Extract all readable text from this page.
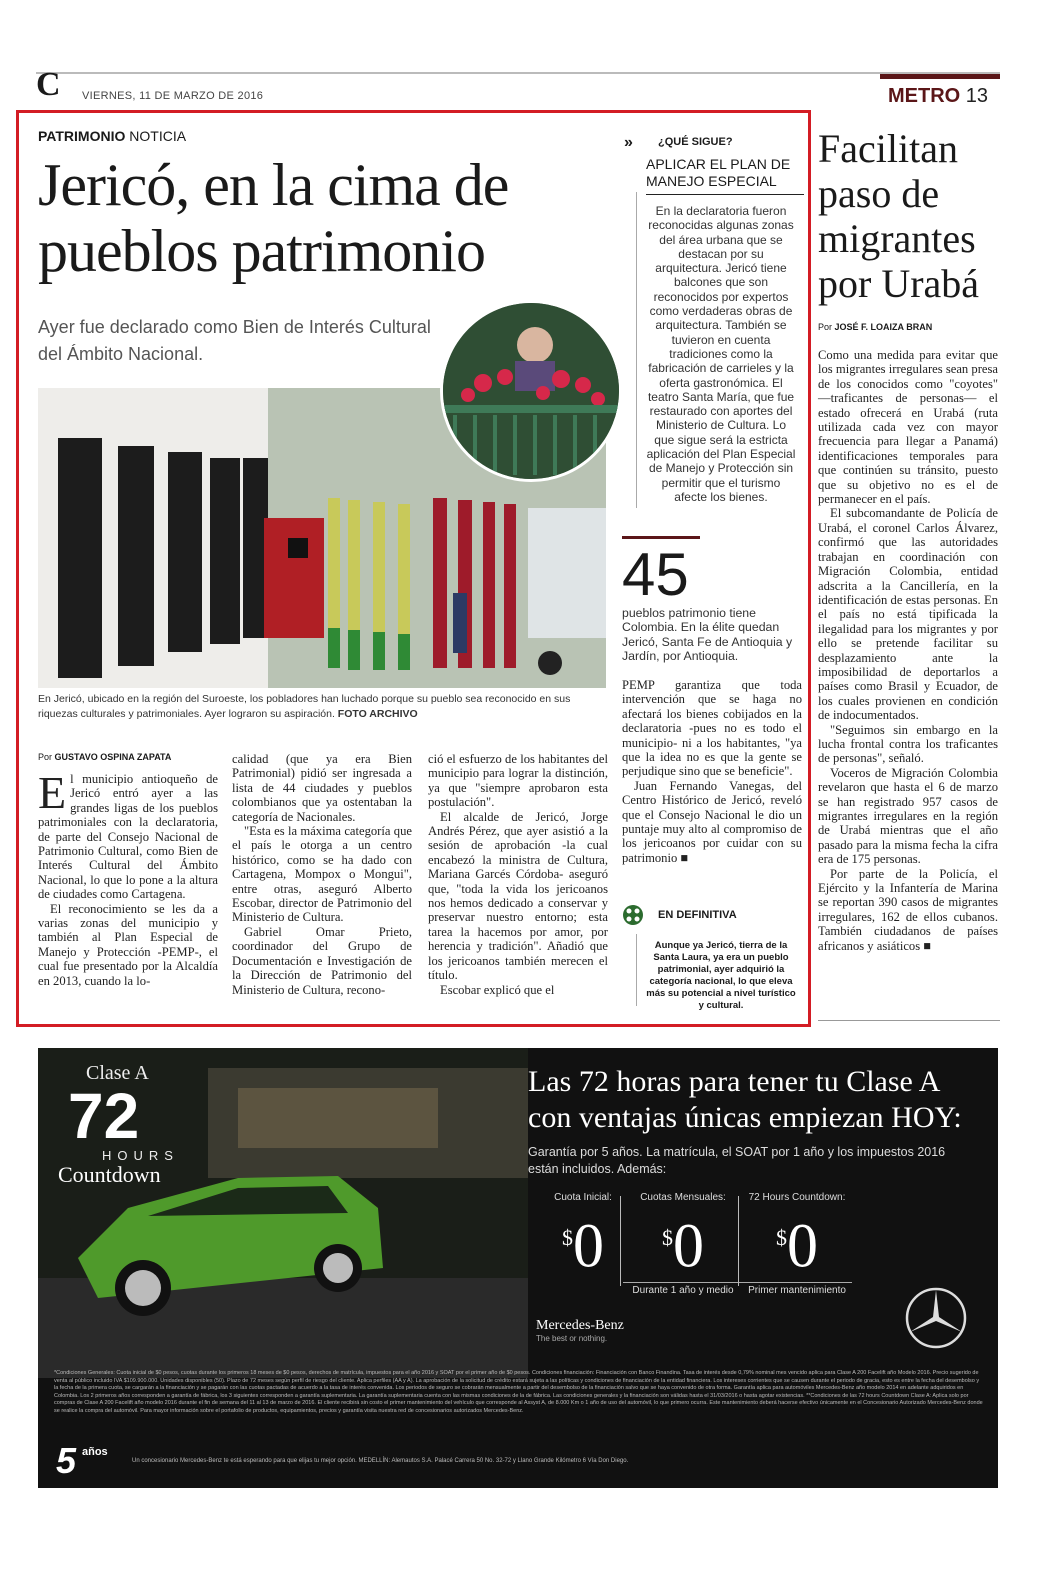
C VIERNES, 11 DE MARZO DE 2016	METRO 13
PATRIMONIO NOTICIA
Jericó, en la cima de pueblos patrimonio
Ayer fue declarado como Bien de Interés Cultural del Ámbito Nacional.
En Jericó, ubicado en la región del Suroeste, los pobladores han luchado porque su pueblo sea reconocido en sus riquezas culturales y patrimoniales. Ayer lograron su aspiración. FOTO ARCHIVO
Por GUSTAVO OSPINA ZAPATA

El municipio antioqueño de Jericó entró ayer a las grandes ligas de los pueblos patrimoniales con la declaratoria, de parte del Consejo Nacional de Patrimonio Cultural, como Bien de Interés Cultural del Ámbito Nacional, lo que lo pone a la altura de ciudades como Cartagena.

El reconocimiento se les da a varias zonas del municipio y también al Plan Especial de Manejo y Protección -PEMP-, el cual fue presentado por la Alcaldía en 2013, cuando la lo-

calidad (que ya era Bien Patrimonial) pidió ser ingresada a lista de 44 ciudades y pueblos colombianos que ya ostentaban la categoría de Nacionales.

"Esta es la máxima categoría que el país le otorga a un centro histórico, como se ha dado con Cartagena, Mompox o Mongui", entre otras, aseguró Alberto Escobar, director de Patrimonio del Ministerio de Cultura.

Gabriel Omar Prieto, coordinador del Grupo de Documentación e Investigación de la Dirección de Patrimonio del Ministerio de Cultura, recono-

ció el esfuerzo de los habitantes del municipio para lograr la distinción, ya que "siempre aprobaron esta postulación".

El alcalde de Jericó, Jorge Andrés Pérez, que ayer asistió a la sesión de aprobación -la cual encabezó la ministra de Cultura, Mariana Garcés Córdoba- aseguró que, "toda la vida los jericoanos nos hemos dedicado a conservar y preservar nuestro entorno; esta tarea la hacemos por amor, por herencia y tradición". Añadió que los jericoanos también merecen el título.

Escobar explicó que el

» ¿QUÉ SIGUE?
APLICAR EL PLAN DE MANEJO ESPECIAL
En la declaratoria fueron reconocidas algunas zonas del área urbana que se destacan por su arquitectura. Jericó tiene balcones que son reconocidos por expertos como verdaderas obras de arquitectura. También se tuvieron en cuenta tradiciones como la fabricación de carrieles y la oferta gastronómica. El teatro Santa María, que fue restaurado con aportes del Ministerio de Cultura. Lo que sigue será la estricta aplicación del Plan Especial de Manejo y Protección sin permitir que el turismo afecte los bienes.
45
pueblos patrimonio tiene Colombia. En la élite quedan Jericó, Santa Fe de Antioquia y Jardín, por Antioquia.

PEMP garantiza que toda intervención que se haga no afectará los bienes cobijados en la declaratoria -pues no es todo el municipio- ni a los habitantes, "ya que la idea no es que la gente se perjudique sino que se beneficie".

Juan Fernando Vanegas, del Centro Histórico de Jericó, reveló que el Consejo Nacional le dio un puntaje muy alto al compromiso de los jericoanos por cuidar con su patrimonio ■

EN DEFINITIVA
Aunque ya Jericó, tierra de la Santa Laura, ya era un pueblo patrimonial, ayer adquirió la categoría nacional, lo que eleva más su potencial a nivel turístico y cultural.
Facilitan paso de migrantes por Urabá
Por JOSÉ F. LOAIZA BRAN

Como una medida para evitar que los migrantes irregulares sean presa de los conocidos como "coyotes" —traficantes de personas— el estado ofrecerá en Urabá (ruta utilizada cada vez con mayor frecuencia para llegar a Panamá) identificaciones temporales para que continúen su tránsito, puesto que su objetivo no es el de permanecer en el país.

El subcomandante de Policía de Urabá, el coronel Carlos Álvarez, confirmó que las autoridades trabajan en coordinación con Migración Colombia, entidad adscrita a la Cancillería, en la identificación de estas personas. En el país no está tipificada la ilegalidad para los migrantes y por ello se pretende facilitar su desplazamiento ante la imposibilidad de deportarlos a países como Brasil y Ecuador, de los cuales provienen en condición de indocumentados.

"Seguimos sin embargo en la lucha frontal contra los traficantes de personas", señaló.

Voceros de Migración Colombia revelaron que hasta el 6 de marzo se han registrado 957 casos de migrantes irregulares en la región de Urabá mientras que el año pasado para la misma fecha la cifra era de 175 personas.

Por parte de la Policía, el Ejército y la Infantería de Marina se reportan 390 casos de migrantes irregulares, 162 de ellos cubanos. También ciudadanos de países africanos y asiáticos ■

Clase A
72
HOURS
Countdown
Las 72 horas para tener tu Clase A con ventajas únicas empiezan HOY:
Garantía por 5 años. La matrícula, el SOAT por 1 año y los impuestos 2016 están incluidos. Además:
Cuota Inicial:
$0
Cuotas Mensuales:
$0
Durante 1 año y medio
72 Hours Countdown:
$0
Primer mantenimiento
Mercedes-Benz
The best or nothing.
*Condiciones Generales: Cuota inicial de $0 pesos, cuotas durante los primeros 18 meses de $0 pesos, derechos de matrícula, impuestos para el año 2016 y SOAT por el primer año de $0 pesos. Condiciones financiación: Financiación con Banco Finandina. Tasa de interés desde 0,79% nominal mes vencido aplica para Clase A 200 Facelift año Modelo 2016. Precio sugerido de venta al público incluido IVA $109.900.000. Unidades disponibles (50). Plazo de 72 meses según perfil de riesgo del cliente. Aplica perfiles (AA y A). La aprobación de la solicitud de crédito estará sujeta a las políticas y condiciones de financiación de la entidad financiera. Los intereses corrientes que se causen durante el periodo de gracia, esto es entre la fecha del desembolso y la fecha de la primera cuota, se cargarán a la financiación y se pagarán con las cuotas pactadas de acuerdo a la tasa de interés convenida. Los periodos de seguro se cobrarán mensualmente a partir del desembolso de la financiación salvo que se haya convenido de otra forma. Garantía aplica para automóviles Mercedes-Benz año modelo 2014 en adelante adquiridos en Colombia. Los 2 primeros años corresponden a garantía de fábrica, los 3 siguientes corresponden a garantía suplementaria. La garantía suplementaria cuenta con las mismas condiciones de la de fábrica. Las condiciones generales y la financiación son válidas hasta el 31/03/2016 o hasta agotar existencias. **Condiciones de las 72 hours Countdown Clase A: Aplica solo por compras de Clase A 200 Facelift año modelo 2016 durante el fin de semana del 11 al 13 de marzo de 2016. El cliente recibirá sin costo el primer mantenimiento del vehículo que corresponde al Assyst A, de 8.000 Km o 1 año de uso del automóvil, lo que primero ocurra. Este mantenimiento deberá hacerse efectivo únicamente en el Concesionario Autorizado Mercedes-Benz donde se realice la compra del automóvil. Para mayor información sobre el portafolio de productos, equipamientos, precios y garantía visita nuestra red de concesionarios autorizados Mercedes-Benz.
5 años
Un concesionario Mercedes-Benz te está esperando para que elijas tu mejor opción. MEDELLÍN: Alemautos S.A. Palacé Carrera 50 No. 32-72 y Llano Grande Kilómetro 6 Vía Don Diego.
